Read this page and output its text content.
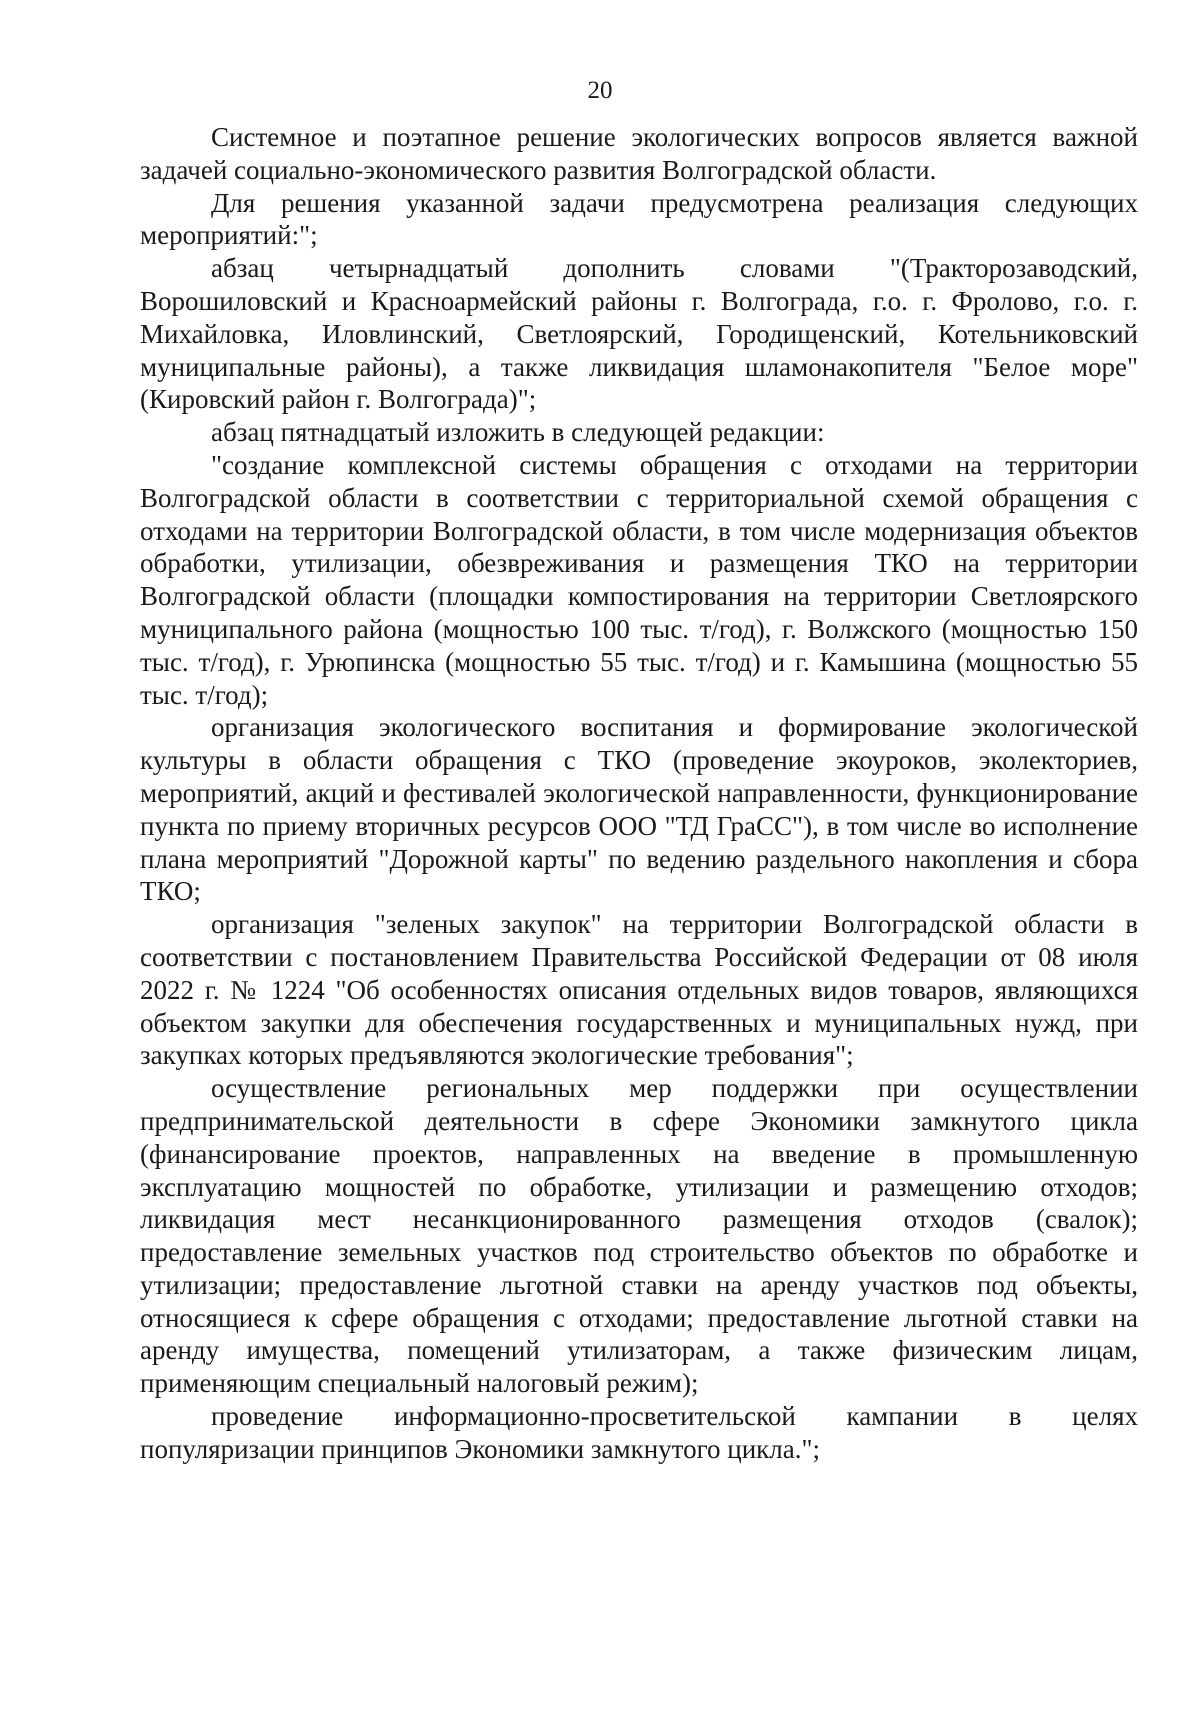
20

Системное и поэтапное решение экологических вопросов является важной задачей социально-экономического развития Волгоградской области.

Для решения указанной задачи предусмотрена реализация следующих мероприятий:";

абзац четырнадцатый дополнить словами "(Тракторозаводский, Ворошиловский и Красноармейский районы г. Волгограда, г.о. г. Фролово, г.о. г. Михайловка, Иловлинский, Светлоярский, Городищенский, Котельниковский муниципальные районы), а также ликвидация шламонакопителя "Белое море" (Кировский район г. Волгограда)";

абзац пятнадцатый изложить в следующей редакции:

"создание комплексной системы обращения с отходами на территории Волгоградской области в соответствии с территориальной схемой обращения с отходами на территории Волгоградской области, в том числе модернизация объектов обработки, утилизации, обезвреживания и размещения ТКО на территории Волгоградской области (площадки компостирования на территории Светлоярского муниципального района (мощностью 100 тыс. т/год), г. Волжского (мощностью 150 тыс. т/год), г. Урюпинска (мощностью 55 тыс. т/год) и г. Камышина (мощностью 55 тыс. т/год);

организация экологического воспитания и формирование экологической культуры в области обращения с ТКО (проведение экоуроков, эколекториев, мероприятий, акций и фестивалей экологической направленности, функционирование пункта по приему вторичных ресурсов ООО "ТД ГраСС"), в том числе во исполнение плана мероприятий "Дорожной карты" по ведению раздельного накопления и сбора ТКО;

организация "зеленых закупок" на территории Волгоградской области в соответствии с постановлением Правительства Российской Федерации от 08 июля 2022 г. № 1224 "Об особенностях описания отдельных видов товаров, являющихся объектом закупки для обеспечения государственных и муниципальных нужд, при закупках которых предъявляются экологические требования";

осуществление региональных мер поддержки при осуществлении предпринимательской деятельности в сфере Экономики замкнутого цикла (финансирование проектов, направленных на введение в промышленную эксплуатацию мощностей по обработке, утилизации и размещению отходов; ликвидация мест несанкционированного размещения отходов (свалок); предоставление земельных участков под строительство объектов по обработке и утилизации; предоставление льготной ставки на аренду участков под объекты, относящиеся к сфере обращения с отходами; предоставление льготной ставки на аренду имущества, помещений утилизаторам, а также физическим лицам, применяющим специальный налоговый режим);

проведение информационно-просветительской кампании в целях популяризации принципов Экономики замкнутого цикла.";
